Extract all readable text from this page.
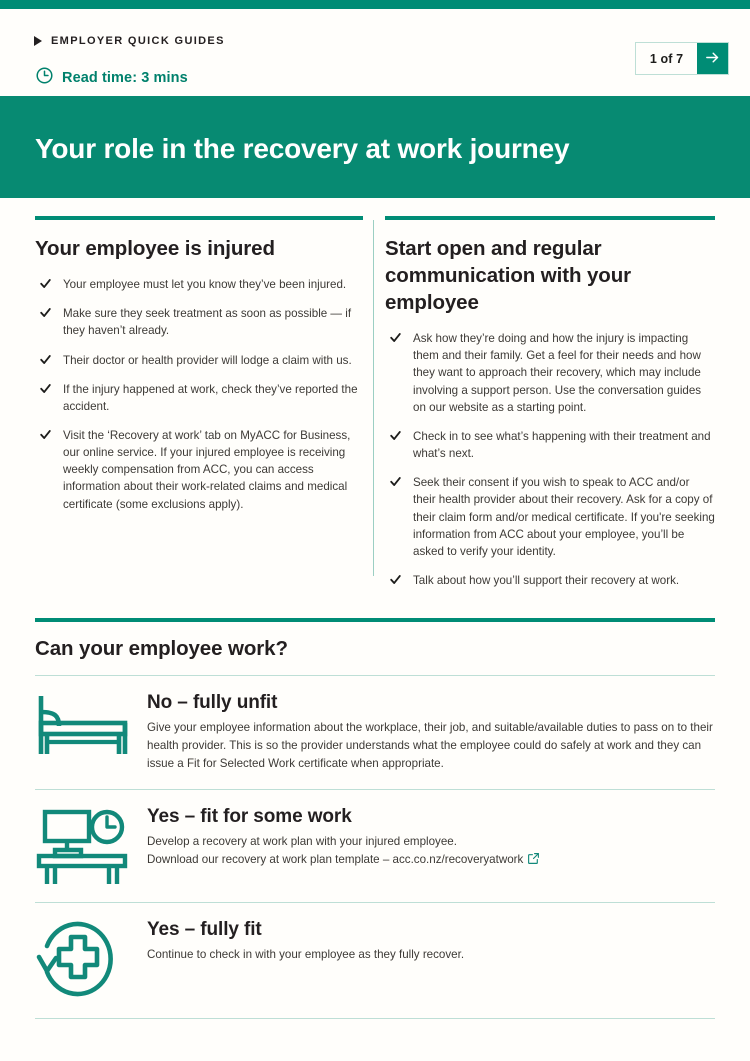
EMPLOYER QUICK GUIDES
Read time: 3 mins
1 of 7
Your role in the recovery at work journey
Your employee is injured
Your employee must let you know they’ve been injured.
Make sure they seek treatment as soon as possible — if they haven’t already.
Their doctor or health provider will lodge a claim with us.
If the injury happened at work, check they’ve reported the accident.
Visit the ‘Recovery at work’ tab on MyACC for Business, our online service. If your injured employee is receiving weekly compensation from ACC, you can access information about their work-related claims and medical certificate (some exclusions apply).
Start open and regular communication with your employee
Ask how they’re doing and how the injury is impacting them and their family. Get a feel for their needs and how they want to approach their recovery, which may include involving a support person. Use the conversation guides on our website as a starting point.
Check in to see what’s happening with their treatment and what’s next.
Seek their consent if you wish to speak to ACC and/or their health provider about their recovery. Ask for a copy of their claim form and/or medical certificate. If you're seeking information from ACC about your employee, you’ll be asked to verify your identity.
Talk about how you’ll support their recovery at work.
Can your employee work?
No – fully unfit

Give your employee information about the workplace, their job, and suitable/available duties to pass on to their health provider. This is so the provider understands what the employee could do safely at work and they can issue a Fit for Selected Work certificate when appropriate.

Yes – fit for some work

Develop a recovery at work plan with your injured employee.

Download our recovery at work plan template – acc.co.nz/recoveryatwork

Yes – fully fit

Continue to check in with your employee as they fully recover.
